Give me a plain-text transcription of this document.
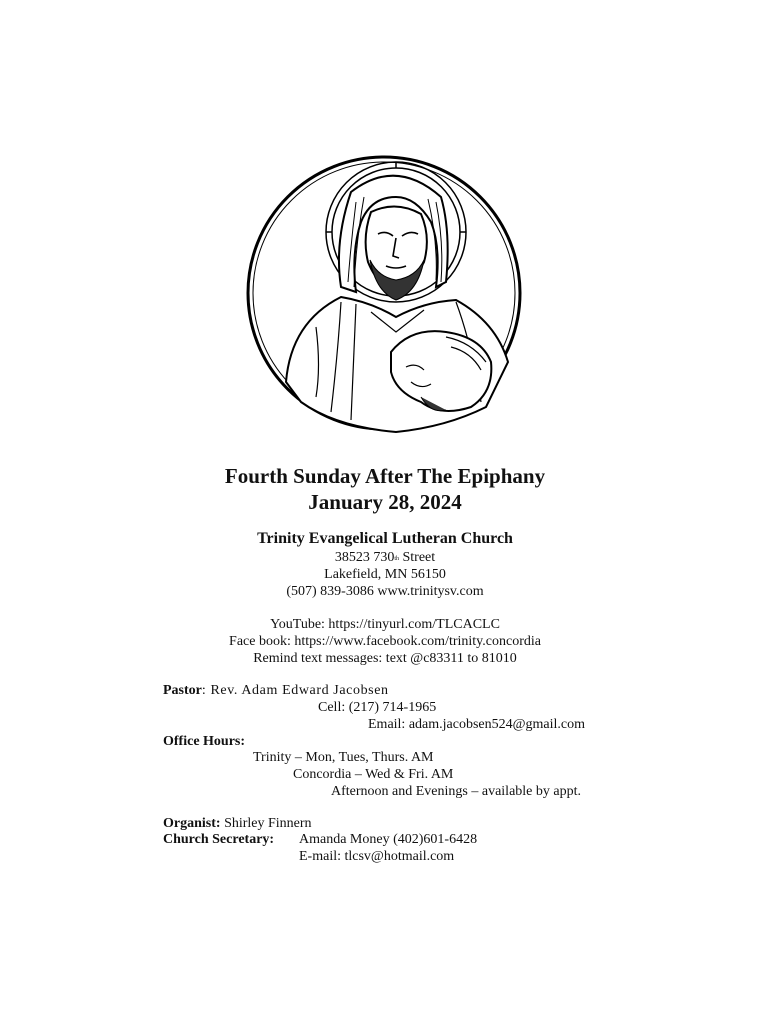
Fourth Sunday After The Epiphany
January 28, 2024
Trinity Evangelical Lutheran Church
38523 730th Street
Lakefield, MN 56150
(507) 839-3086 www.trinitysv.com
YouTube: https://tinyurl.com/TLCACLC
Face book: https://www.facebook.com/trinity.concordia
Remind text messages: text @c83311 to 81010
Pastor: Rev. Adam Edward Jacobsen
Cell: (217) 714-1965
Email: adam.jacobsen524@gmail.com
Office Hours:
Trinity – Mon, Tues, Thurs. AM
Concordia – Wed & Fri. AM
Afternoon and Evenings – available by appt.
Organist: Shirley Finnern
Church Secretary: Amanda Money (402)601-6428
E-mail: tlcsv@hotmail.com
